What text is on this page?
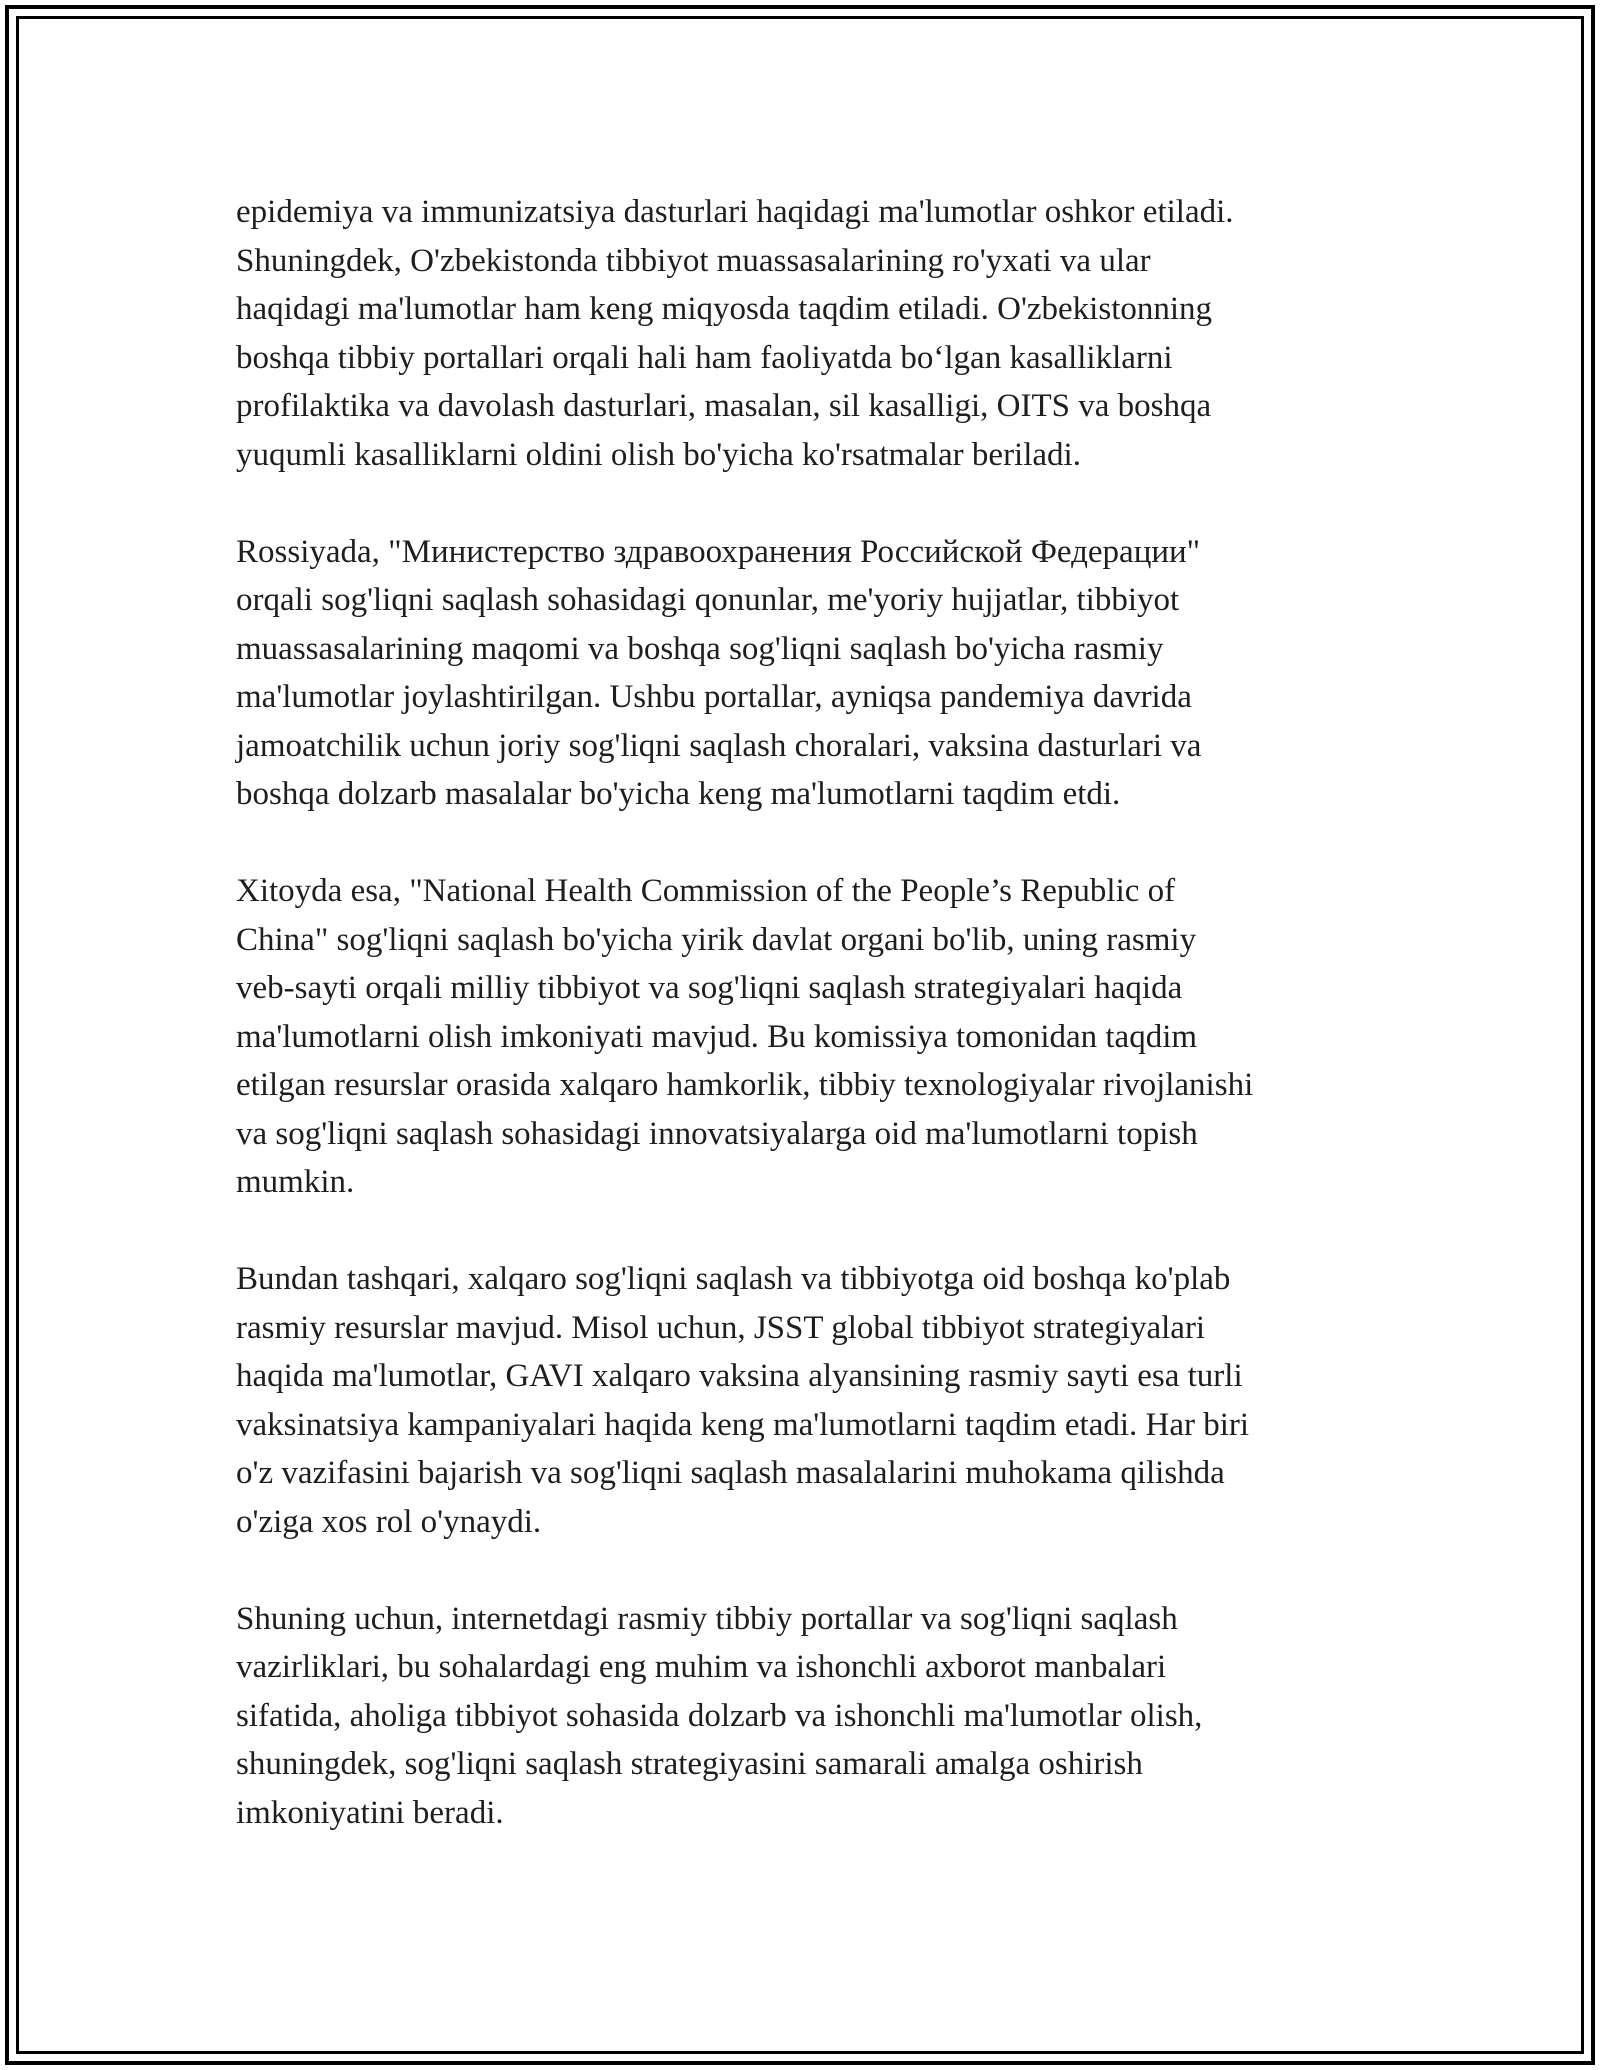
epidemiya va immunizatsiya dasturlari haqidagi ma'lumotlar oshkor etiladi.
Shuningdek, O'zbekistonda tibbiyot muassasalarining ro'yxati va ular
haqidagi ma'lumotlar ham keng miqyosda taqdim etiladi. O'zbekistonning
boshqa tibbiy portallari orqali hali ham faoliyatda boʻlgan kasalliklarni
profilaktika va davolash dasturlari, masalan, sil kasalligi, OITS va boshqa
yuqumli kasalliklarni oldini olish bo'yicha ko'rsatmalar beriladi.

Rossiyada, "Министерство здравоохранения Российской Федерации"
orqali sog'liqni saqlash sohasidagi qonunlar, me'yoriy hujjatlar, tibbiyot
muassasalarining maqomi va boshqa sog'liqni saqlash bo'yicha rasmiy
ma'lumotlar joylashtirilgan. Ushbu portallar, ayniqsa pandemiya davrida
jamoatchilik uchun joriy sog'liqni saqlash choralari, vaksina dasturlari va
boshqa dolzarb masalalar bo'yicha keng ma'lumotlarni taqdim etdi.

Xitoyda esa, "National Health Commission of the People’s Republic of
China" sog'liqni saqlash bo'yicha yirik davlat organi bo'lib, uning rasmiy
veb-sayti orqali milliy tibbiyot va sog'liqni saqlash strategiyalari haqida
ma'lumotlarni olish imkoniyati mavjud. Bu komissiya tomonidan taqdim
etilgan resurslar orasida xalqaro hamkorlik, tibbiy texnologiyalar rivojlanishi
va sog'liqni saqlash sohasidagi innovatsiyalarga oid ma'lumotlarni topish
mumkin.

Bundan tashqari, xalqaro sog'liqni saqlash va tibbiyotga oid boshqa ko'plab
rasmiy resurslar mavjud. Misol uchun, JSST global tibbiyot strategiyalari
haqida ma'lumotlar, GAVI xalqaro vaksina alyansining rasmiy sayti esa turli
vaksinatsiya kampaniyalari haqida keng ma'lumotlarni taqdim etadi. Har biri
o'z vazifasini bajarish va sog'liqni saqlash masalalarini muhokama qilishda
o'ziga xos rol o'ynaydi.

Shuning uchun, internetdagi rasmiy tibbiy portallar va sog'liqni saqlash
vazirliklari, bu sohalardagi eng muhim va ishonchli axborot manbalari
sifatida, aholiga tibbiyot sohasida dolzarb va ishonchli ma'lumotlar olish,
shuningdek, sog'liqni saqlash strategiyasini samarali amalga oshirish
imkoniyatini beradi.
